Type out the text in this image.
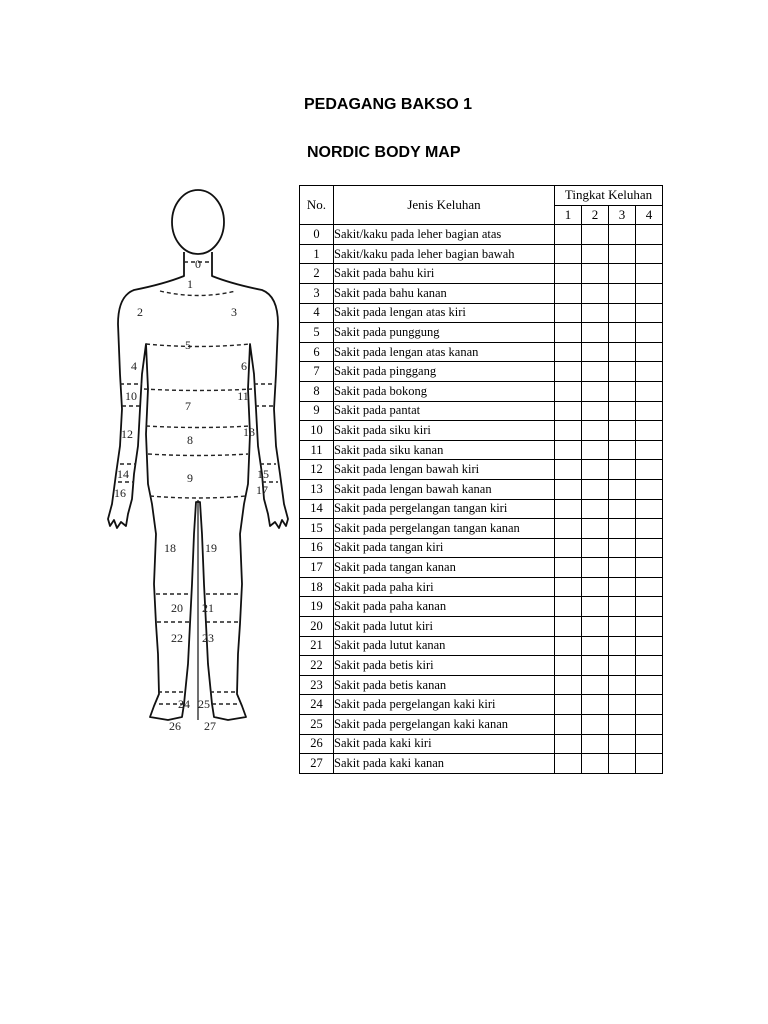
PEDAGANG BAKSO 1
NORDIC BODY MAP
0
1
2	3
4
5
6
7
8
9
10	11
12	13
14	15
16	17
18 19
20 21
22 23
24 25
26 27
No.	Jenis Keluhan	Tingkat Keluhan			
		1	2	3	4
0	Sakit/kaku pada leher bagian atas				
1	Sakit/kaku pada leher bagian bawah				
2	Sakit pada bahu kiri				
3	Sakit pada bahu kanan				
4	Sakit pada lengan atas kiri				
5	Sakit pada punggung				
6	Sakit pada lengan atas kanan				
7	Sakit pada pinggang				
8	Sakit pada bokong				
9	Sakit pada pantat				
10	Sakit pada siku kiri				
11	Sakit pada siku kanan				
12	Sakit pada lengan bawah kiri				
13	Sakit pada lengan bawah kanan				
14	Sakit pada pergelangan tangan kiri				
15	Sakit pada pergelangan tangan kanan				
16	Sakit pada tangan kiri				
17	Sakit pada tangan kanan				
18	Sakit pada paha kiri				
19	Sakit pada paha kanan				
20	Sakit pada lutut kiri				
21	Sakit pada lutut kanan				
22	Sakit pada betis kiri				
23	Sakit pada betis kanan				
24	Sakit pada pergelangan kaki kiri				
25	Sakit pada pergelangan kaki kanan				
26	Sakit pada kaki kiri				
27	Sakit pada kaki kanan				
